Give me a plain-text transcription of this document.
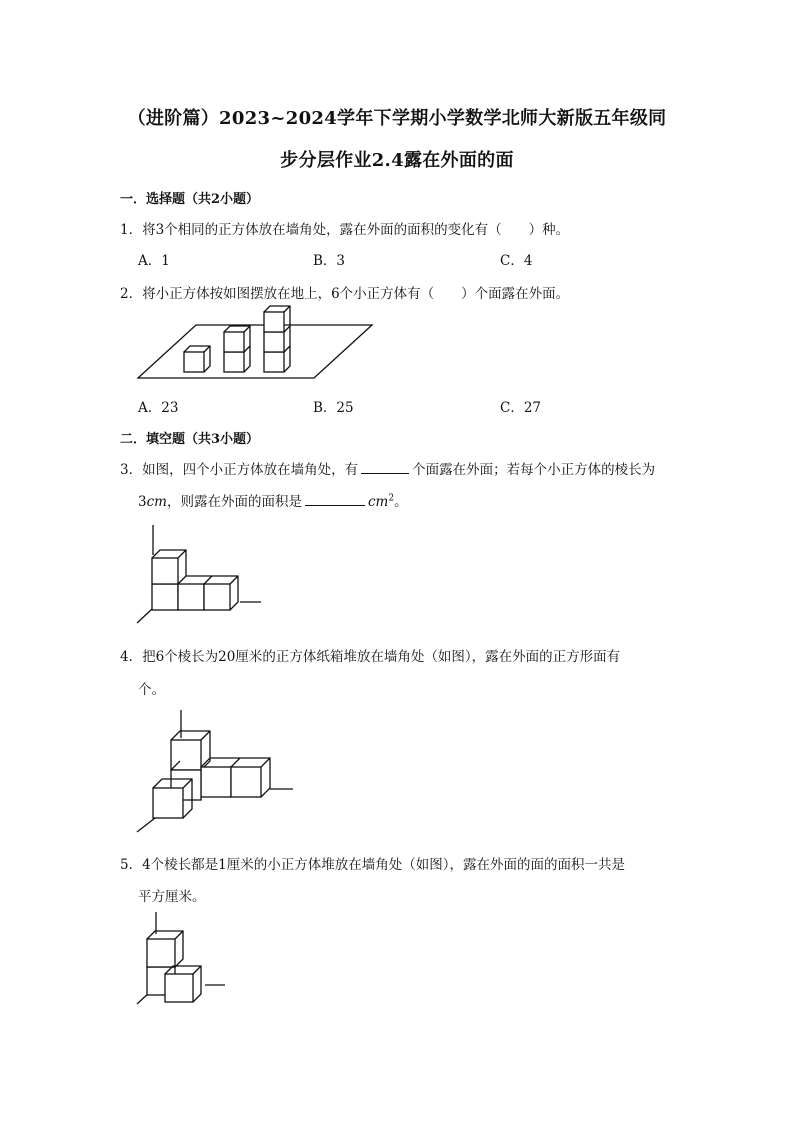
（进阶篇）2023~2024学年下学期小学数学北师大新版五年级同
步分层作业2.4露在外面的面
一．选择题（共2小题）
1．将3个相同的正方体放在墙角处，露在外面的面积的变化有（　　）种。
A．1	B．3	C．4
2．将小正方体按如图摆放在地上，6个小正方体有（　　）个面露在外面。
A．23	B．25	C．27
二．填空题（共3小题）
3．如图，四个小正方体放在墙角处，有	个面露在外面；若每个小正方体的棱长为
3cm，则露在外面的面积是	$cm^2$。
4．把6个棱长为20厘米的正方体纸箱堆放在墙角处（如图），露在外面的正方形面有
个。
5．4个棱长都是1厘米的小正方体堆放在墙角处（如图），露在外面的面的面积一共是
平方厘米。
